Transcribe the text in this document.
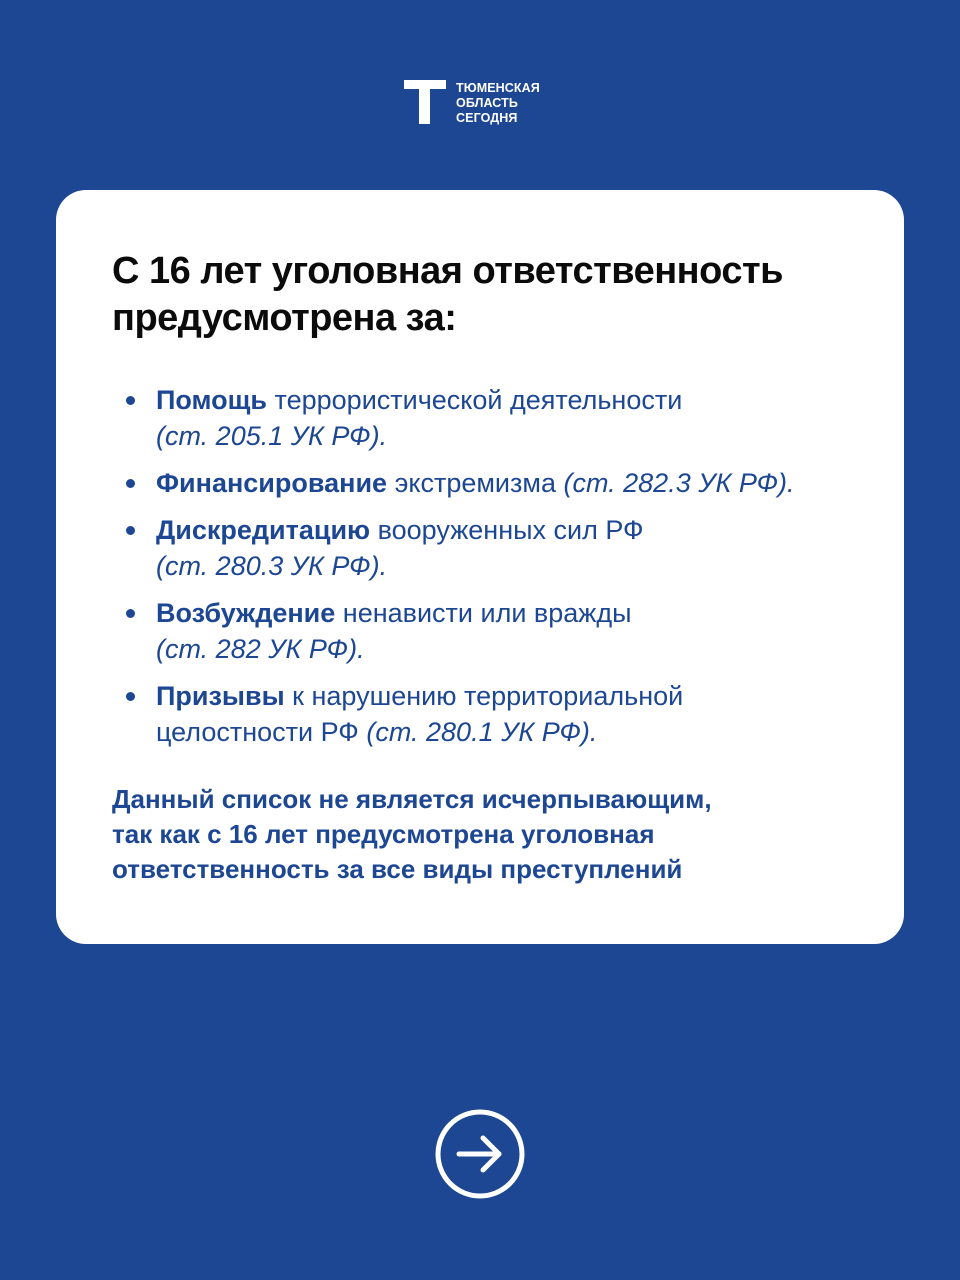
ТЮМЕНСКАЯ
ОБЛАСТЬ
СЕГОДНЯ
С 16 лет уголовная ответственность
предусмотрена за:
Помощь террористической деятельности
(ст. 205.1 УК РФ).
Финансирование экстремизма (ст. 282.3 УК РФ).
Дискредитацию вооруженных сил РФ
(ст. 280.3 УК РФ).
Возбуждение ненависти или вражды
(ст. 282 УК РФ).
Призывы к нарушению территориальной
целостности РФ (ст. 280.1 УК РФ).

Данный список не является исчерпывающим,
так как с 16 лет предусмотрена уголовная
ответственность за все виды преступлений
